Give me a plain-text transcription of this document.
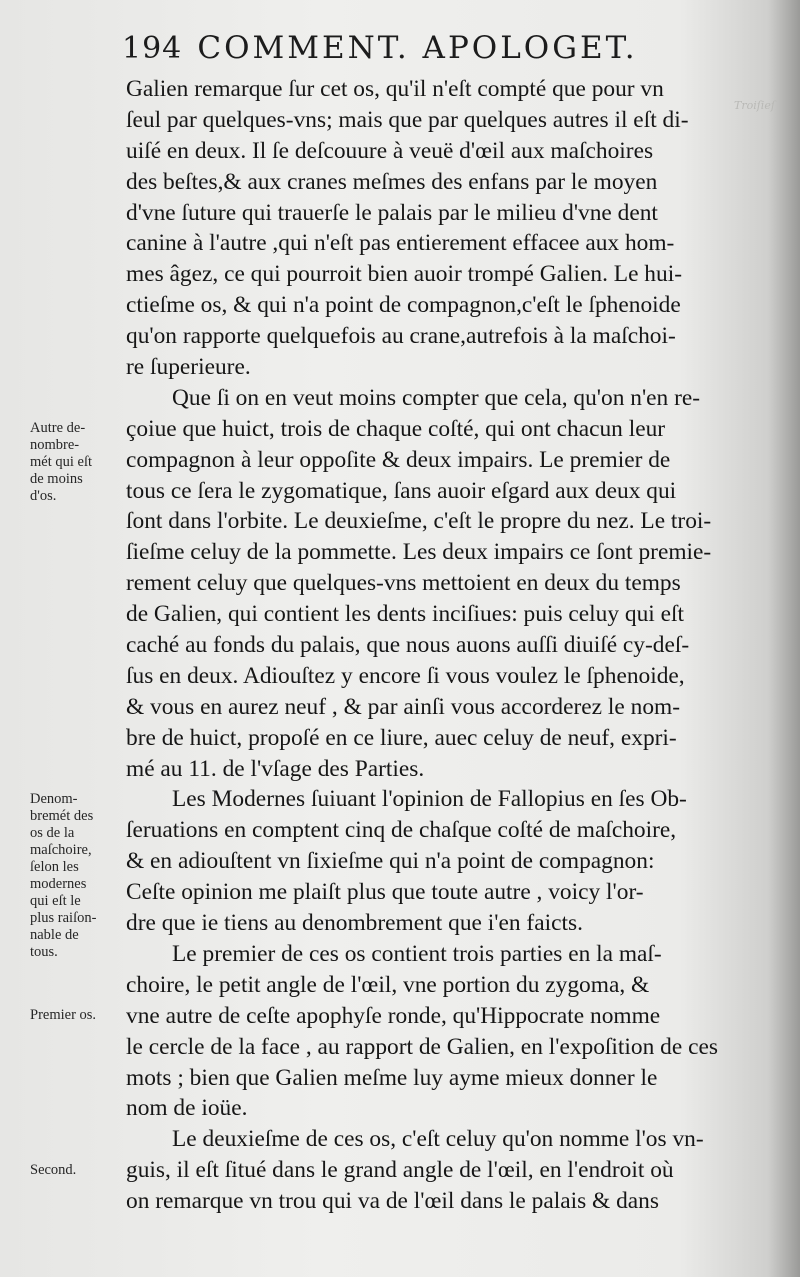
Troiſieſ
194 COMMENT. APOLOGET.
Galien remarque ſur cet os, qu'il n'eſt compté que pour vn
ſeul par quelques-vns; mais que par quelques autres il eſt di-
uiſé en deux. Il ſe deſcouure à veuë d'œil aux maſchoires
des beſtes,& aux cranes meſmes des enfans par le moyen
d'vne ſuture qui trauerſe le palais par le milieu d'vne dent
canine à l'autre ,qui n'eſt pas entierement effacee aux hom-
mes âgez, ce qui pourroit bien auoir trompé Galien. Le hui-
ctieſme os, & qui n'a point de compagnon,c'eſt le ſphenoide
qu'on rapporte quelquefois au crane,autrefois à la maſchoi-
re ſuperieure.
Que ſi on en veut moins compter que cela, qu'on n'en re-
çoiue que huict, trois de chaque coſté, qui ont chacun leur
compagnon à leur oppoſite & deux impairs. Le premier de
tous ce ſera le zygomatique, ſans auoir eſgard aux deux qui
ſont dans l'orbite. Le deuxieſme, c'eſt le propre du nez. Le troi-
ſieſme celuy de la pommette. Les deux impairs ce ſont premie-
rement celuy que quelques-vns mettoient en deux du temps
de Galien, qui contient les dents inciſiues: puis celuy qui eſt
caché au fonds du palais, que nous auons auſſi diuiſé cy-deſ-
ſus en deux. Adiouſtez y encore ſi vous voulez le ſphenoide,
& vous en aurez neuf , & par ainſi vous accorderez le nom-
bre de huict, propoſé en ce liure, auec celuy de neuf, expri-
mé au 11. de l'vſage des Parties.
Les Modernes ſuiuant l'opinion de Fallopius en ſes Ob-
ſeruations en comptent cinq de chaſque coſté de maſchoire,
& en adiouſtent vn ſixieſme qui n'a point de compagnon:
Ceſte opinion me plaiſt plus que toute autre , voicy l'or-
dre que ie tiens au denombrement que i'en faicts.
Le premier de ces os contient trois parties en la maſ-
choire, le petit angle de l'œil, vne portion du zygoma, &
vne autre de ceſte apophyſe ronde, qu'Hippocrate nomme
le cercle de la face , au rapport de Galien, en l'expoſition de ces
mots ; bien que Galien meſme luy ayme mieux donner le
nom de ioüe.
Le deuxieſme de ces os, c'eſt celuy qu'on nomme l'os vn-
guis, il eſt ſitué dans le grand angle de l'œil, en l'endroit où
on remarque vn trou qui va de l'œil dans le palais & dans
Autre de-
nombre-
mét qui eſt
de moins
d'os.
Denom-
bremét des
os de la
maſchoire,
ſelon les
modernes
qui eſt le
plus raiſon-
nable de
tous.
Premier os.
Second.
